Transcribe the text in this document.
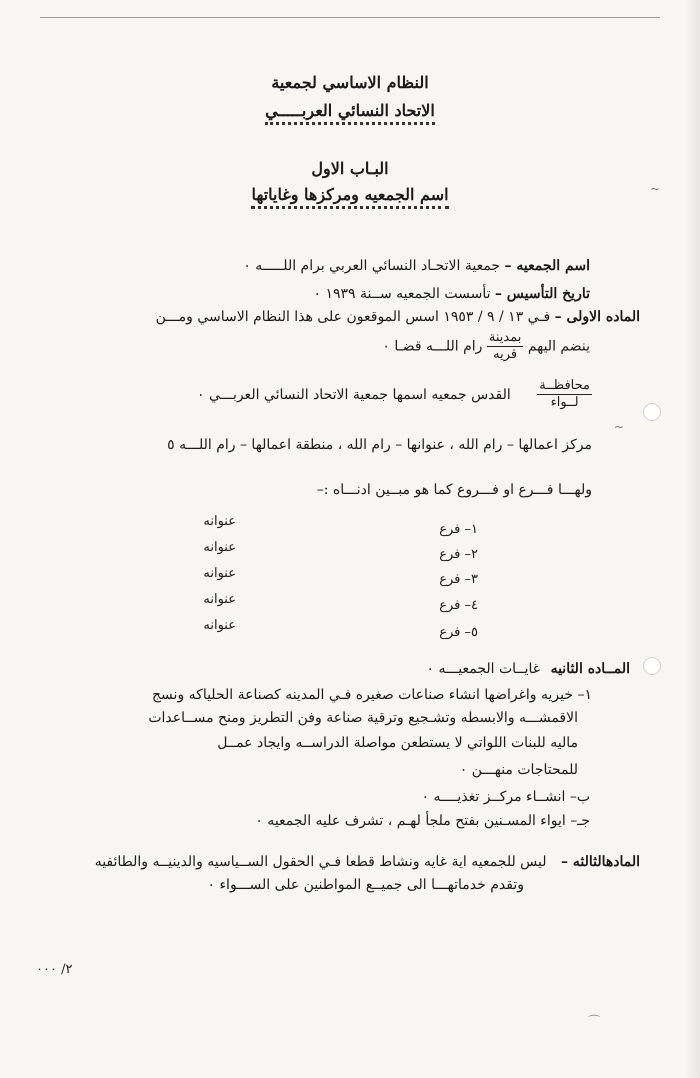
~
~
⌒
النظام الاساسي لجمعية
الاتحاد النسائي العربـــــي
البـاب الاول
اسم الجمعيه ومركزها وغاياتها
اسم الجمعيه – جمعية الاتحـاد النسائي العربي برام اللـــــه ٠
تاريخ التأسيس – تأسست الجمعيه ســنة ١٩٣٩ ٠
الماده الاولى – فـي ١٣ / ٩ / ١٩٥٣ اسس الموقعون على هذا النظام الاساسي ومـــن
ينضم اليهم
بمدينة
قريه
رام اللـــه قضـا ٠
محافظــة
لــواء
القدس جمعيه اسمها جمعية الاتحاد النسائي العربـــي ٠
مركز اعمالها – رام الله ، عنوانها – رام الله ، منطقة اعمالها – رام اللـــه ٥
ولهـــا فـــرع او فـــروع كما هو مبــين ادنـــاه :–
١– فرع
عنوانه
٢– فرع
عنوانه
٣– فرع
عنوانه
٤– فرع
عنوانه
٥– فرع
عنوانه
المــاده الثانيه غايــات الجمعيـــه ٠
١– خيريه واغراضها انشاء صناعات صغيره فـي المدينه كصناعة الحلياكه ونسج
الاقمشـــه والابسطه وتشـجيع وترقية صناعة وفن التطريز ومنح مســاعدات
ماليه للبنات اللواتي لا يستطعن مواصلة الدراســه وايجاد عمــل
للمحتاجات منهـــن ٠
ب– انشــاء مركــز تغذيــــه ٠
جـ– ايواء المسـنين بفتح ملجأ لهـم ، تشرف عليه الجمعيه ٠
المادهالثالثه – ليس للجمعيه اية غايه ونشاط قطعا فـي الحقول الســياسيه والدينيــه والطائفيه
وتقدم خدماتهـــا الى جميــع المواطنين على الســـواء ٠
٢/ ٠٠٠
